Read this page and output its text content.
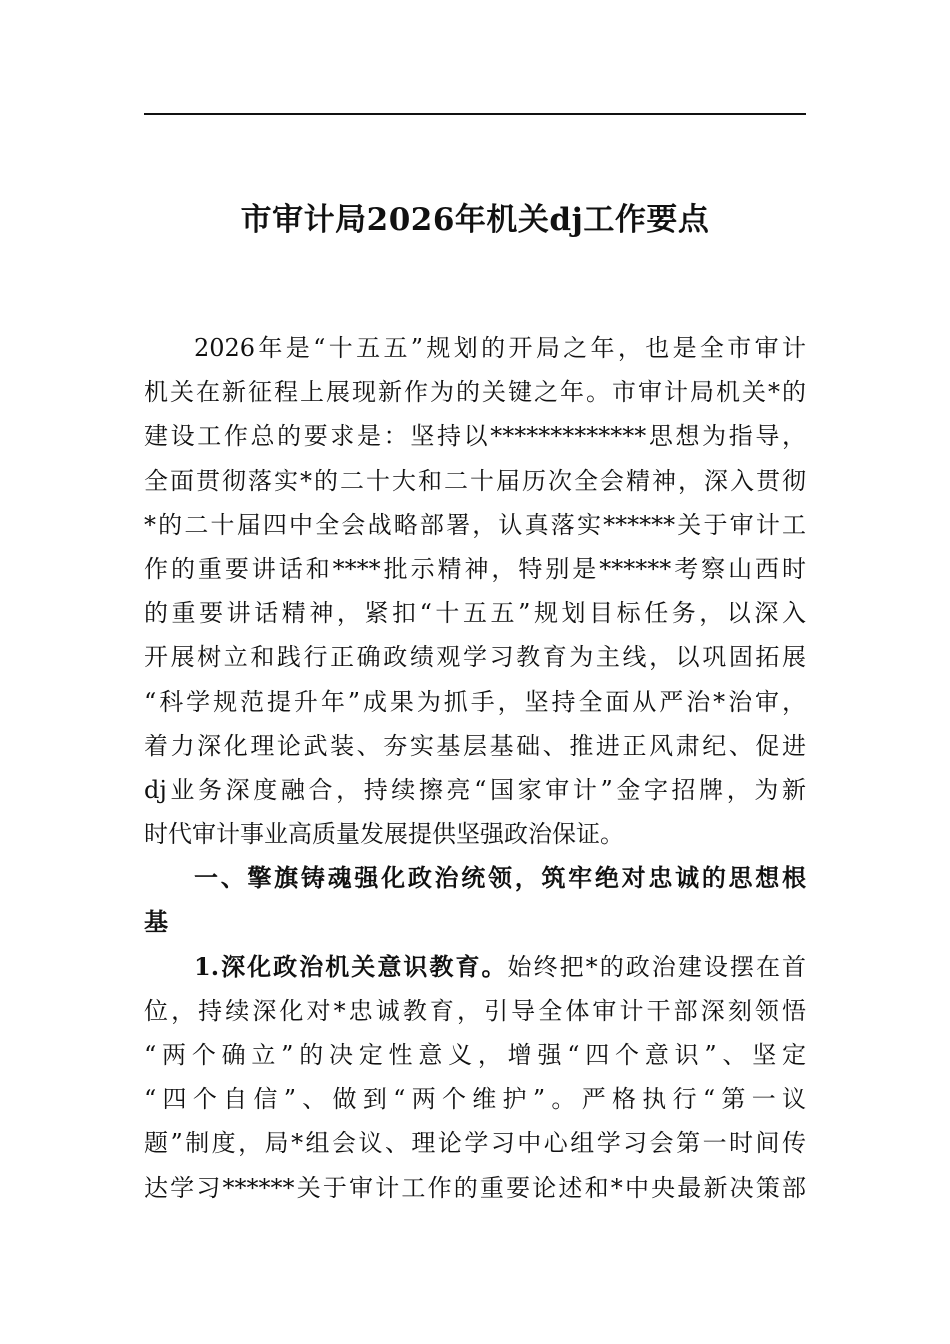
市审计局2026年机关dj工作要点
2026年是“十五五”规划的开局之年，也是全市审计
机关在新征程上展现新作为的关键之年。市审计局机关*的
建设工作总的要求是：坚持以*************思想为指导，
全面贯彻落实*的二十大和二十届历次全会精神，深入贯彻
*的二十届四中全会战略部署，认真落实******关于审计工
作的重要讲话和****批示精神，特别是******考察山西时
的重要讲话精神，紧扣“十五五”规划目标任务，以深入
开展树立和践行正确政绩观学习教育为主线，以巩固拓展
“科学规范提升年”成果为抓手，坚持全面从严治*治审，
着力深化理论武装、夯实基层基础、推进正风肃纪、促进
dj业务深度融合，持续擦亮“国家审计”金字招牌，为新
时代审计事业高质量发展提供坚强政治保证。
一、擎旗铸魂强化政治统领，筑牢绝对忠诚的思想根
基
1.深化政治机关意识教育。始终把*的政治建设摆在首
位，持续深化对*忠诚教育，引导全体审计干部深刻领悟
“两个确立”的决定性意义，增强“四个意识”、坚定
“四个自信”、做到“两个维护”。严格执行“第一议
题”制度，局*组会议、理论学习中心组学习会第一时间传
达学习******关于审计工作的重要论述和*中央最新决策部
